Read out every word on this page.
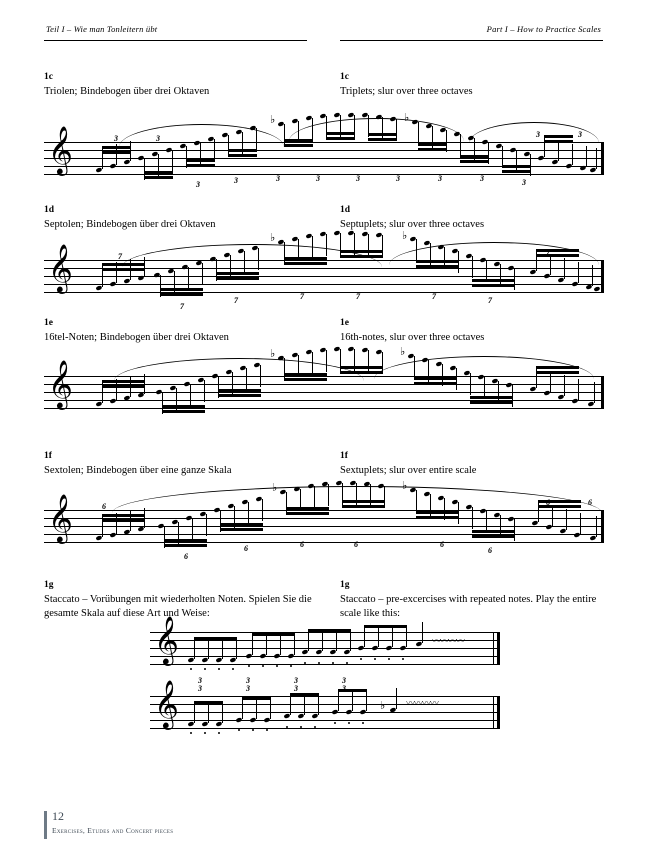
Teil I – Wie man Tonleitern übt	Part I – How to Practice Scales
1c
Triolen; Bindebogen über drei Oktaven
1c
Triplets; slur over three octaves
𝄞
♭	♭
3	3
3	3	3	3	3	3	3	3	3
3	3
1d
Septolen; Bindebogen über drei Oktaven
1d
Septuplets; slur over three octaves
𝄞
♭	♭
7
7
7	7	7	7	7
7
1e
16tel-Noten; Bindebogen über drei Oktaven
1e
16th-notes, slur over three octaves
𝄞
♭	♭
1f
Sextolen; Bindebogen über eine ganze Skala
1f
Sextuplets; slur over entire scale
𝄞
♭	♭
6
6
6	6	6	6
6
6	6
1g
Staccato – Vorübungen mit wiederholten Noten. Spielen Sie die gesamte Skala auf diese Art und Weise:
1g
Staccato – pre-excercises with repeated notes. Play the entire scale like this:
𝄞	〰〰〰〰
𝄞	♭ 〰〰〰〰
3	3	3	3
3	3	3	3
12
Exercises, Etudes and Concert pieces
